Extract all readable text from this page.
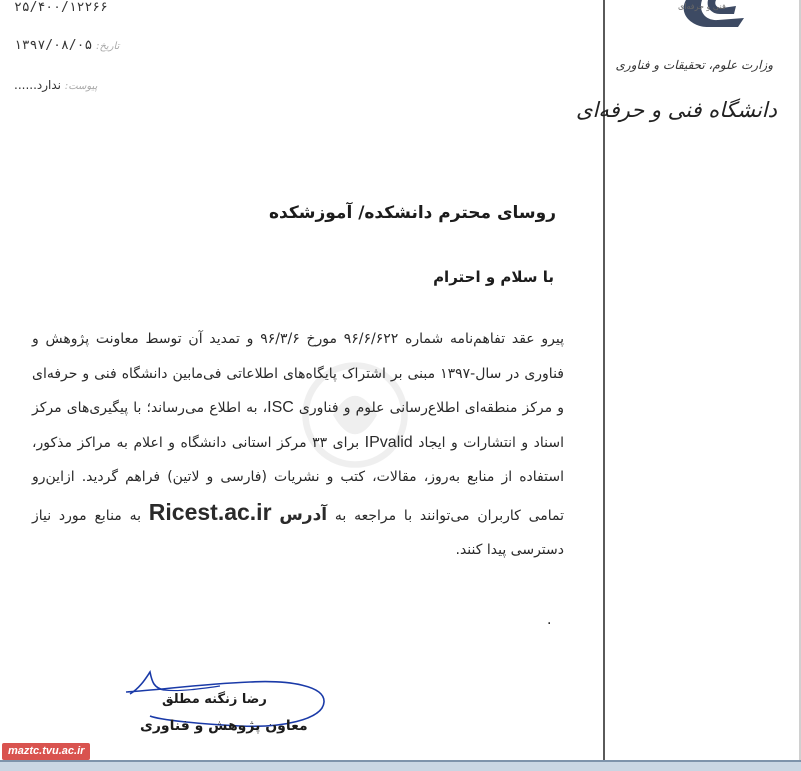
فنی و حرفه‌ای
وزارت علوم، تحقیقات و فناوری
دانشگاه فنی و حرفه‌ای
۲۵/۴۰۰/۱۲۲۶۶
تاریخ: ۱۳۹۷/۰۸/۰۵
پیوست: ندارد......
روسای محترم دانشکده/ آموزشکده
با سلام و احترام
پیرو عقد تفاهم‌نامه شماره ۹۶/۶/۶۲۲ مورخ ۹۶/۳/۶ و تمدید آن توسط معاونت پژوهش و فناوری در سال-۱۳۹۷ مبنی بر اشتراک پایگاه‌های اطلاعاتی فی‌مابین دانشگاه فنی و حرفه‌ای و مرکز منطقه‌ای اطلاع‌رسانی علوم و فناوری ISC، به اطلاع می‌رساند؛ با پیگیری‌های مرکز اسناد و انتشارات و ایجاد IPvalid برای ۳۳ مرکز استانی دانشگاه و اعلام به مراکز مذکور، استفاده از منابع به‌روز، مقالات، کتب و نشریات (فارسی و لاتین) فراهم گردید. ازاین‌رو تمامی کاربران می‌توانند با مراجعه به آدرس Ricest.ac.ir به منابع مورد نیاز دسترسی پیدا کنند.
.
رضا زنگنه مطلق
معاون پژوهش و فناوری
maztc.tvu.ac.ir
